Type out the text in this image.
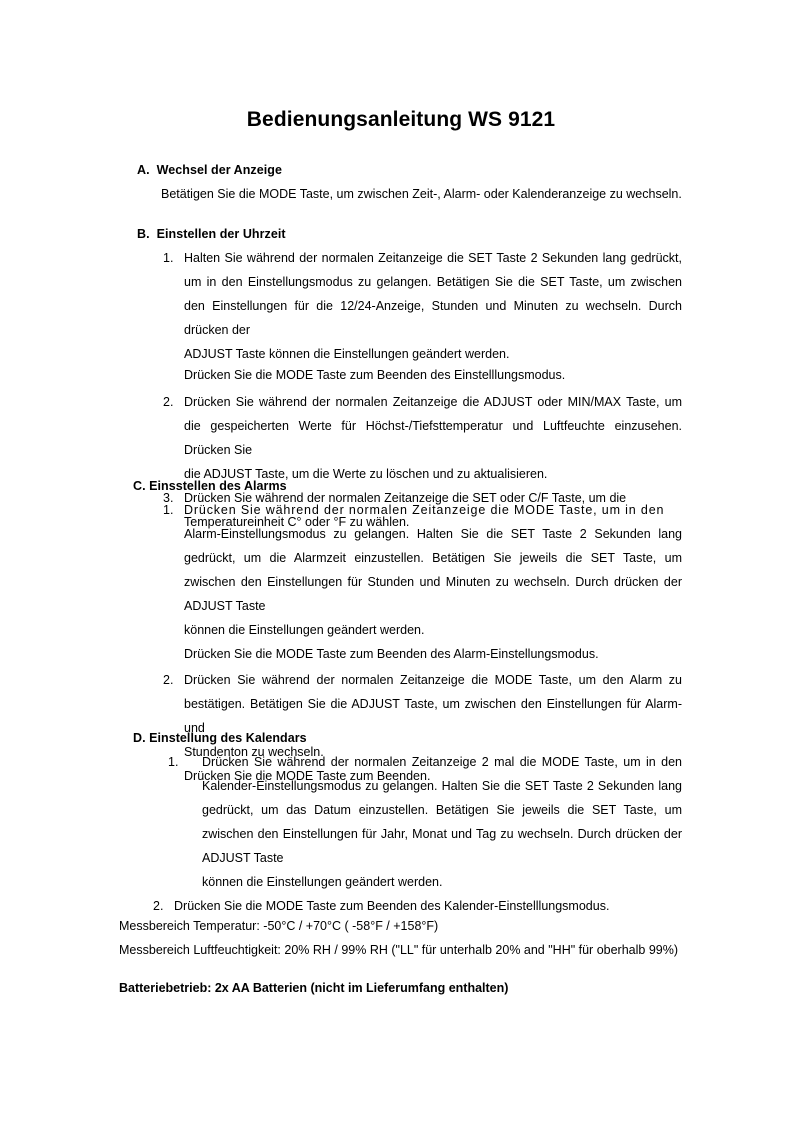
Bedienungsanleitung WS 9121
A.  Wechsel der Anzeige
Betätigen Sie die MODE Taste, um zwischen Zeit-, Alarm- oder Kalenderanzeige zu wechseln.
B.  Einstellen der Uhrzeit
1. Halten Sie während der normalen Zeitanzeige die SET Taste 2 Sekunden lang gedrückt, um in den Einstellungsmodus zu gelangen. Betätigen Sie die SET Taste, um zwischen den Einstellungen für die 12/24-Anzeige, Stunden und Minuten zu wechseln. Durch drücken der
ADJUST Taste können die Einstellungen geändert werden.
Drücken Sie die MODE Taste zum Beenden des Einstelllungsmodus.
2. Drücken Sie während der normalen Zeitanzeige die ADJUST oder MIN/MAX Taste, um die gespeicherten Werte für Höchst-/Tiefsttemperatur und Luftfeuchte einzusehen. Drücken Sie
die ADJUST Taste, um die Werte zu löschen und zu aktualisieren.
3. Drücken Sie während der normalen Zeitanzeige die SET oder C/F Taste, um die
Temperatureinheit C° oder °F zu wählen.
C. Einsstellen des Alarms
1. Drücken Sie während der normalen Zeitanzeige die MODE Taste, um in den
Alarm-Einstellungsmodus zu gelangen. Halten Sie die SET Taste 2 Sekunden lang gedrückt, um die Alarmzeit einzustellen. Betätigen Sie jeweils die SET Taste, um zwischen den Einstellungen für Stunden und Minuten zu wechseln. Durch drücken der ADJUST Taste
können die Einstellungen geändert werden.
Drücken Sie die MODE Taste zum Beenden des Alarm-Einstellungsmodus.
2. Drücken Sie während der normalen Zeitanzeige die MODE Taste, um den Alarm zu bestätigen. Betätigen Sie die ADJUST Taste, um zwischen den Einstellungen für Alarm- und
Stundenton zu wechseln.
Drücken Sie die MODE Taste zum Beenden.
D. Einstellung des Kalendars
1. Drücken Sie während der normalen Zeitanzeige 2 mal die MODE Taste, um in den Kalender-Einstellungsmodus zu gelangen. Halten Sie die SET Taste 2 Sekunden lang gedrückt, um das Datum einzustellen. Betätigen Sie jeweils die SET Taste, um zwischen den Einstellungen für Jahr, Monat und Tag zu wechseln. Durch drücken der ADJUST Taste
können die Einstellungen geändert werden.
2. Drücken Sie die MODE Taste zum Beenden des Kalender-Einstelllungsmodus.
Messbereich Temperatur: -50°C / +70°C ( -58°F / +158°F)
Messbereich Luftfeuchtigkeit: 20% RH / 99% RH ("LL" für unterhalb 20% and "HH" für oberhalb 99%)
Batteriebetrieb: 2x AA Batterien (nicht im Lieferumfang enthalten)
